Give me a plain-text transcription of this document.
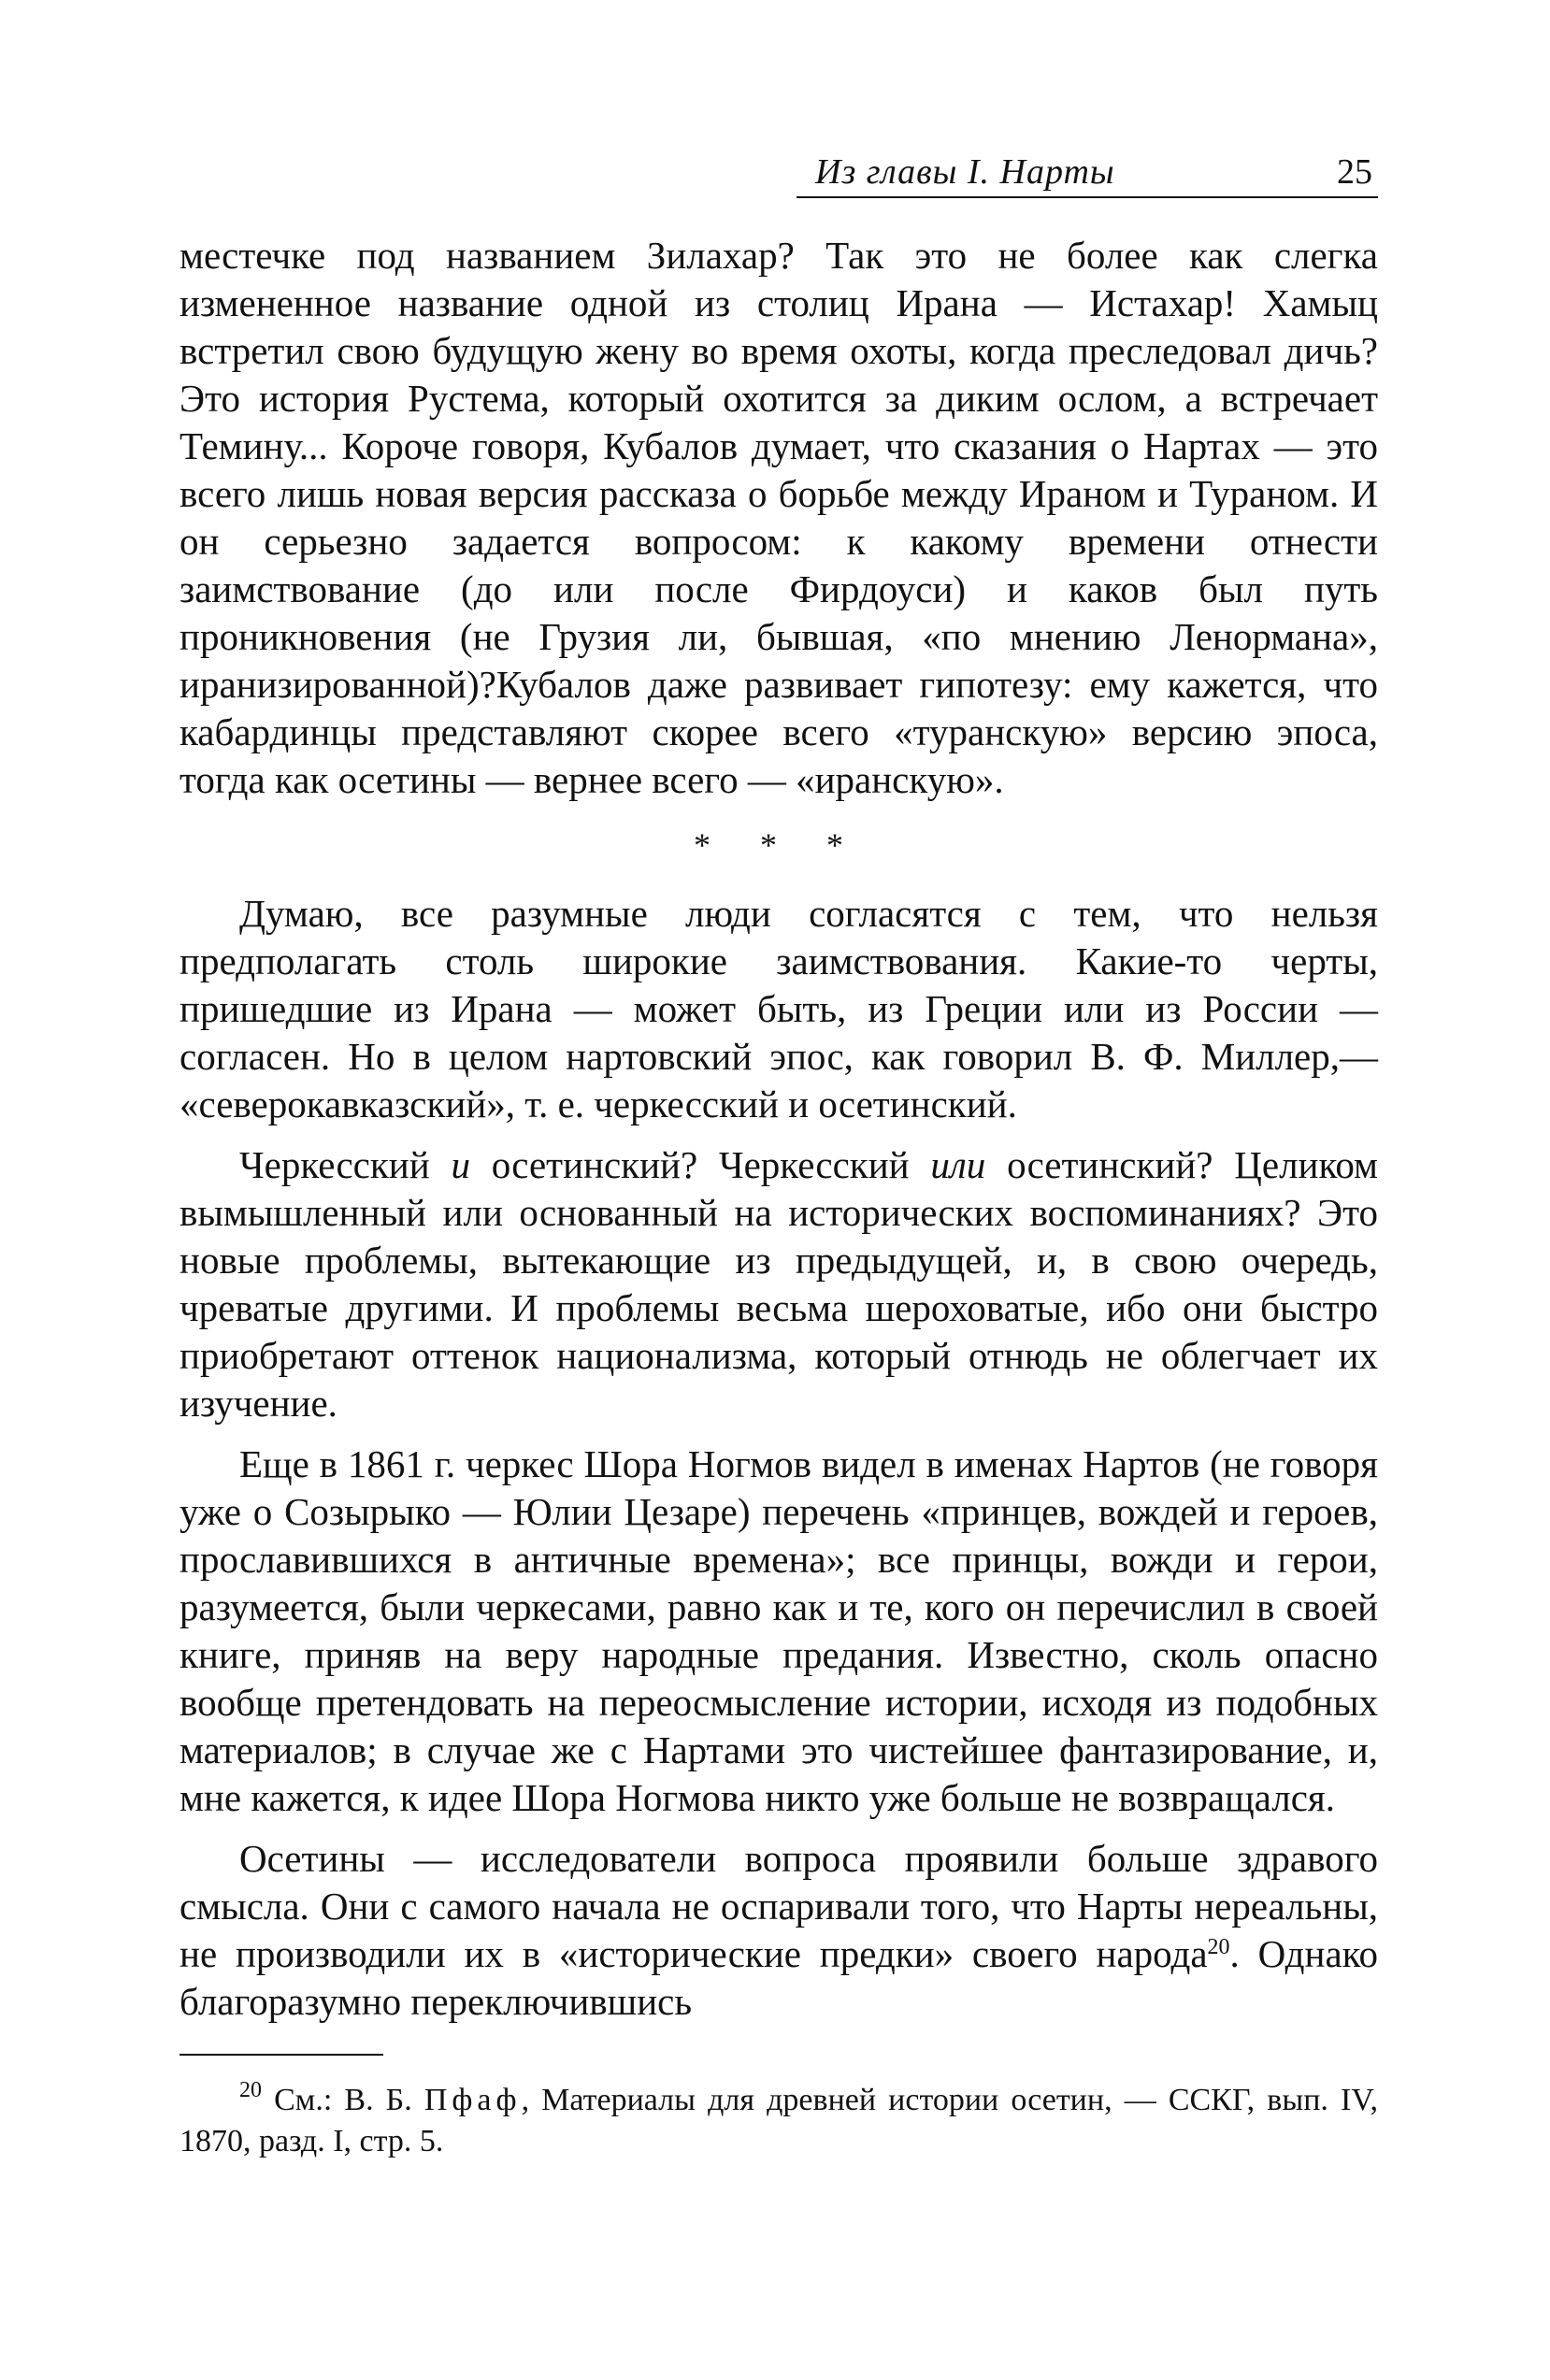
Из главы I. Нарты	25

местечке под названием Зилахар? Так это не более как слегка измененное название одной из столиц Ирана — Истахар! Хамыц встретил свою будущую жену во время охоты, когда преследовал дичь? Это история Рустема, который охотится за диким ослом, а встречает Темину... Короче говоря, Кубалов думает, что сказания о Нартах — это всего лишь новая версия рассказа о борьбе между Ираном и Тураном. И он серьезно задается вопросом: к какому времени отнести заимствование (до или после Фирдоуси) и каков был путь проникновения (не Грузия ли, бывшая, «по мнению Ленормана», иранизированной)?Кубалов даже развивает гипотезу: ему кажется, что кабардинцы представляют скорее всего «туранскую» версию эпоса, тогда как осетины — вернее всего — «иранскую».

* * *

Думаю, все разумные люди согласятся с тем, что нельзя предполагать столь широкие заимствования. Какие-то черты, пришедшие из Ирана — может быть, из Греции или из России — согласен. Но в целом нартовский эпос, как говорил В. Ф. Миллер,— «северокавказский», т. е. черкесский и осетинский.

Черкесский и осетинский? Черкесский или осетинский? Целиком вымышленный или основанный на исторических воспоминаниях? Это новые проблемы, вытекающие из предыдущей, и, в свою очередь, чреватые другими. И проблемы весьма шероховатые, ибо они быстро приобретают оттенок национализма, который отнюдь не облегчает их изучение.

Еще в 1861 г. черкес Шора Ногмов видел в именах Нартов (не говоря уже о Созырыко — Юлии Цезаре) перечень «принцев, вождей и героев, прославившихся в античные времена»; все принцы, вожди и герои, разумеется, были черкесами, равно как и те, кого он перечислил в своей книге, приняв на веру народные предания. Известно, сколь опасно вообще претендовать на переосмысление истории, исходя из подобных материалов; в случае же с Нартами это чистейшее фантазирование, и, мне кажется, к идее Шора Ногмова никто уже больше не возвращался.

Осетины — исследователи вопроса проявили больше здравого смысла. Они с самого начала не оспаривали того, что Нарты нереальны, не производили их в «исторические предки» своего народа$^{20}$. Однако благоразумно переключившись

$^{20}$ См.: В. Б. Пфаф, Материалы для древней истории осетин, — ССКГ, вып. IV, 1870, разд. I, стр. 5.
